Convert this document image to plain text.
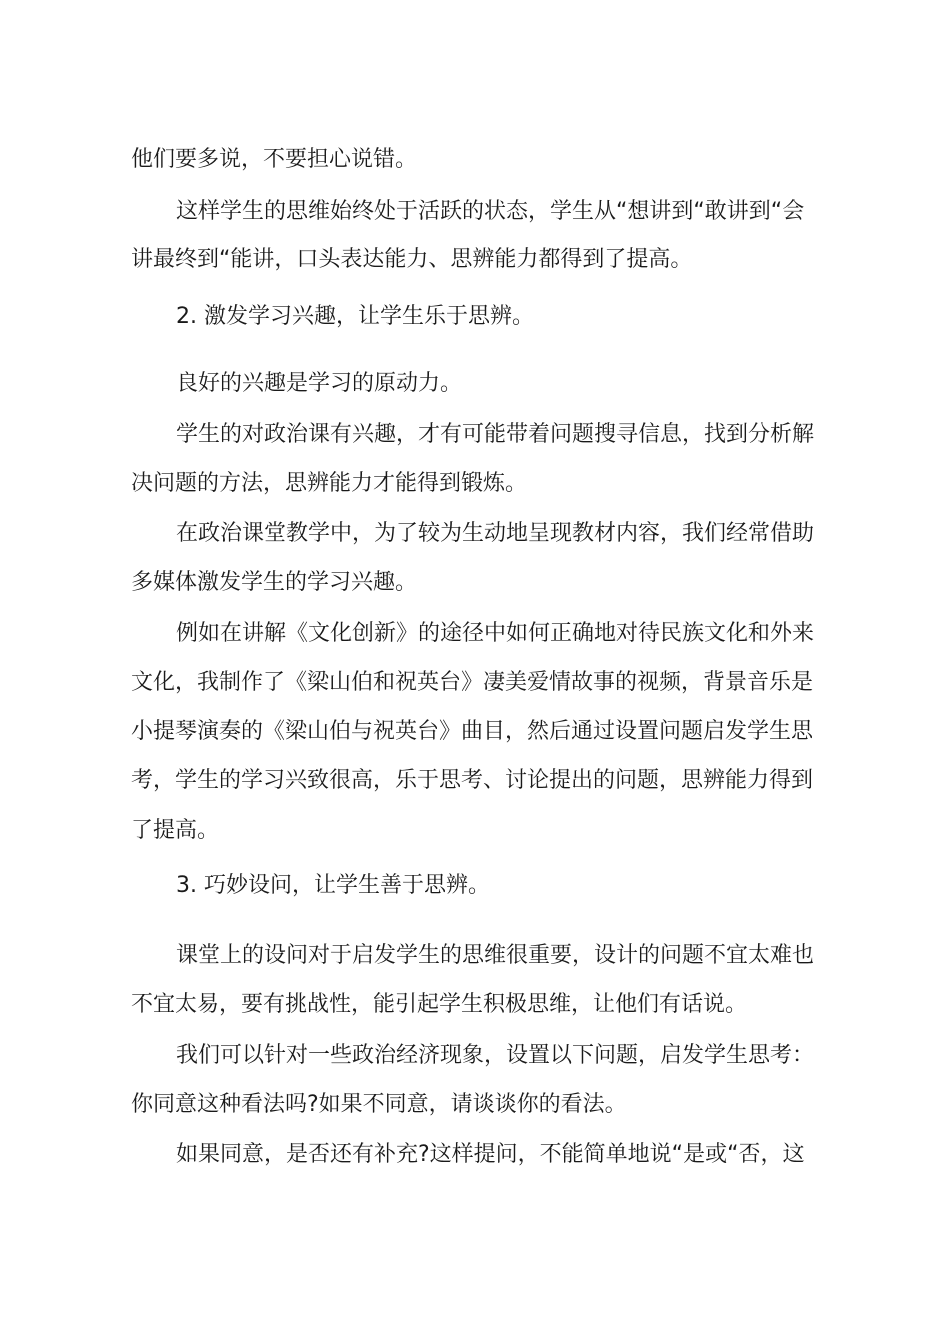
他们要多说，不要担心说错。
这样学生的思维始终处于活跃的状态，学生从“想讲到“敢讲到“会
讲最终到“能讲，口头表达能力、思辨能力都得到了提高。
2. 激发学习兴趣，让学生乐于思辨。
良好的兴趣是学习的原动力。
学生的对政治课有兴趣，才有可能带着问题搜寻信息，找到分析解
决问题的方法，思辨能力才能得到锻炼。
在政治课堂教学中，为了较为生动地呈现教材内容，我们经常借助
多媒体激发学生的学习兴趣。
例如在讲解《文化创新》的途径中如何正确地对待民族文化和外来
文化，我制作了《梁山伯和祝英台》凄美爱情故事的视频，背景音乐是
小提琴演奏的《梁山伯与祝英台》曲目，然后通过设置问题启发学生思
考，学生的学习兴致很高，乐于思考、讨论提出的问题，思辨能力得到
了提高。
3. 巧妙设问，让学生善于思辨。
课堂上的设问对于启发学生的思维很重要，设计的问题不宜太难也
不宜太易，要有挑战性，能引起学生积极思维，让他们有话说。
我们可以针对一些政治经济现象，设置以下问题，启发学生思考：
你同意这种看法吗?如果不同意，请谈谈你的看法。
如果同意，是否还有补充?这样提问，不能简单地说“是或“否，这
